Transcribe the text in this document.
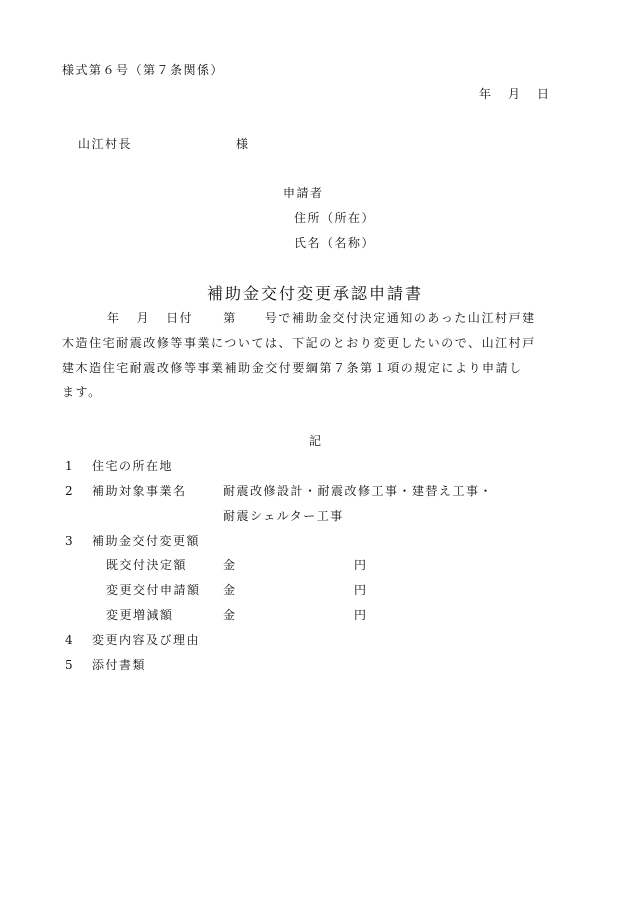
様式第６号（第７条関係）
年 月 日
山江村長	様
申請者
住所（所在）
氏名（名称）
補助金交付変更承認申請書
年 月 日付	第 号で補助金交付決定通知のあった山江村戸建
木造住宅耐震改修等事業については、下記のとおり変更したいので、山江村戸
建木造住宅耐震改修等事業補助金交付要綱第７条第１項の規定により申請し
ます。
記
1 住宅の所在地
2 補助対象事業名	耐震改修設計・耐震改修工事・建替え工事・
耐震シェルター工事
3 補助金交付変更額
既交付決定額	金	円
変更交付申請額 金	円
変更増減額	金	円
4 変更内容及び理由
5 添付書類
